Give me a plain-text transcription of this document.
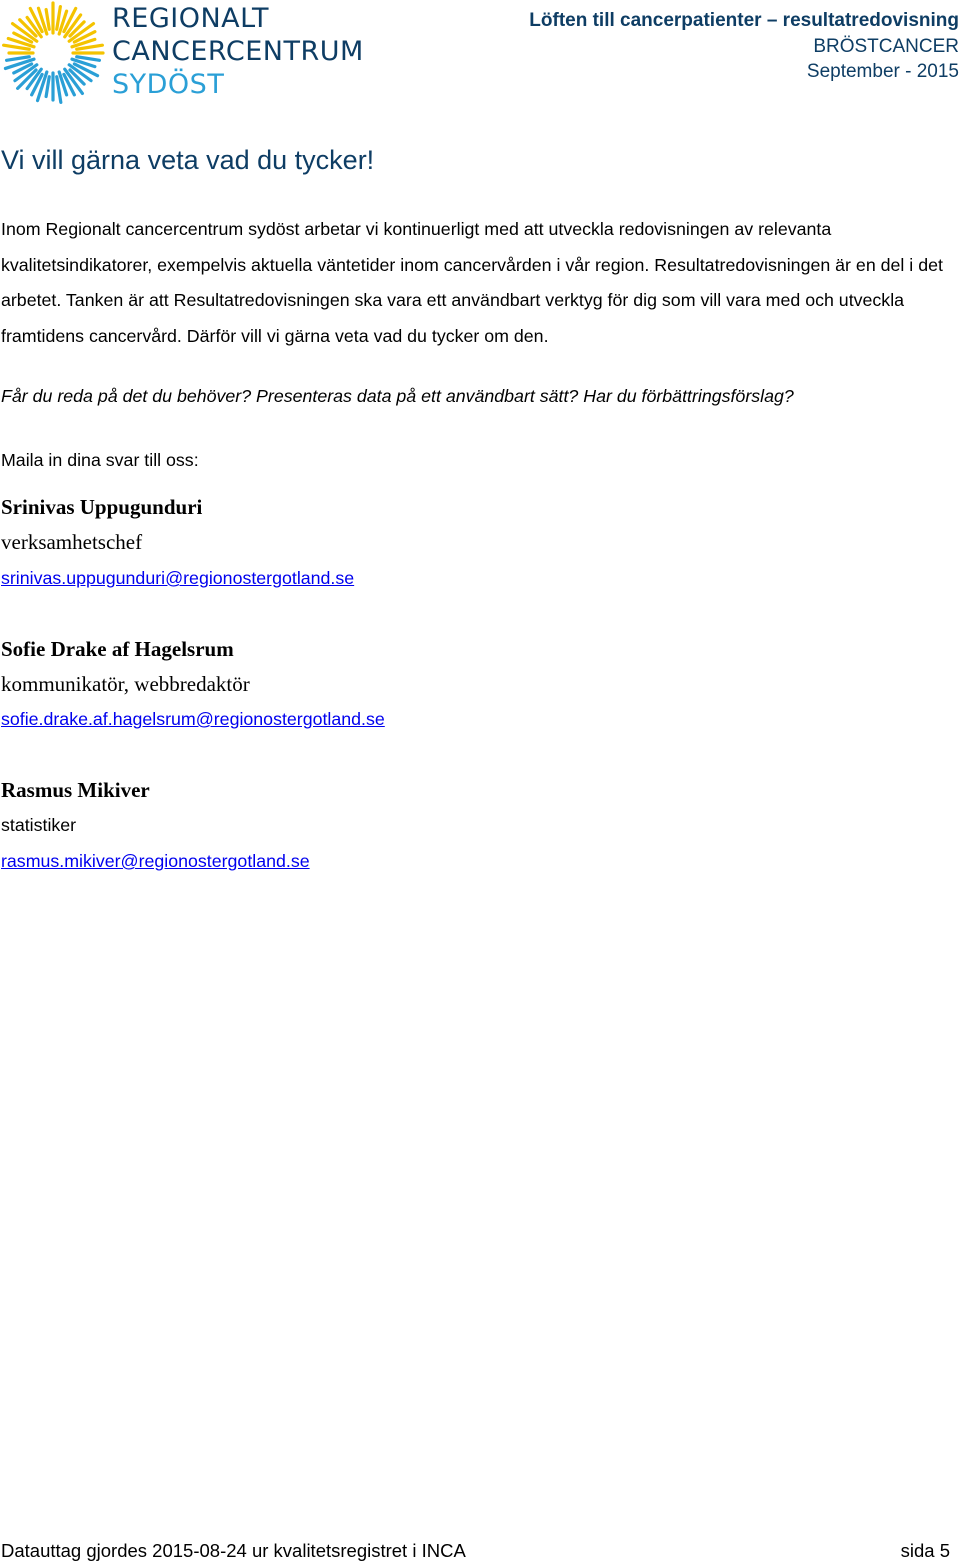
REGIONALT
CANCERCENTRUM
SYDÖST
Löften till cancerpatienter – resultatredovisning
BRÖSTCANCER
September - 2015
Vi vill gärna veta vad du tycker!

Inom Regionalt cancercentrum sydöst arbetar vi kontinuerligt med att utveckla redovisningen av relevanta kvalitetsindikatorer, exempelvis aktuella väntetider inom cancervården i vår region. Resultatredovisningen är en del i det arbetet. Tanken är att Resultatredovisningen ska vara ett användbart verktyg för dig som vill vara med och utveckla framtidens cancervård. Därför vill vi gärna veta vad du tycker om den.

Får du reda på det du behöver? Presenteras data på ett användbart sätt? Har du förbättringsförslag?

Maila in dina svar till oss:

Srinivas Uppugunduri
verksamhetschef
srinivas.uppugunduri@regionostergotland.se
Sofie Drake af Hagelsrum
kommunikatör, webbredaktör
sofie.drake.af.hagelsrum@regionostergotland.se
Rasmus Mikiver
statistiker
rasmus.mikiver@regionostergotland.se
Datauttag gjordes 2015-08-24 ur kvalitetsregistret i INCA	sida 5
